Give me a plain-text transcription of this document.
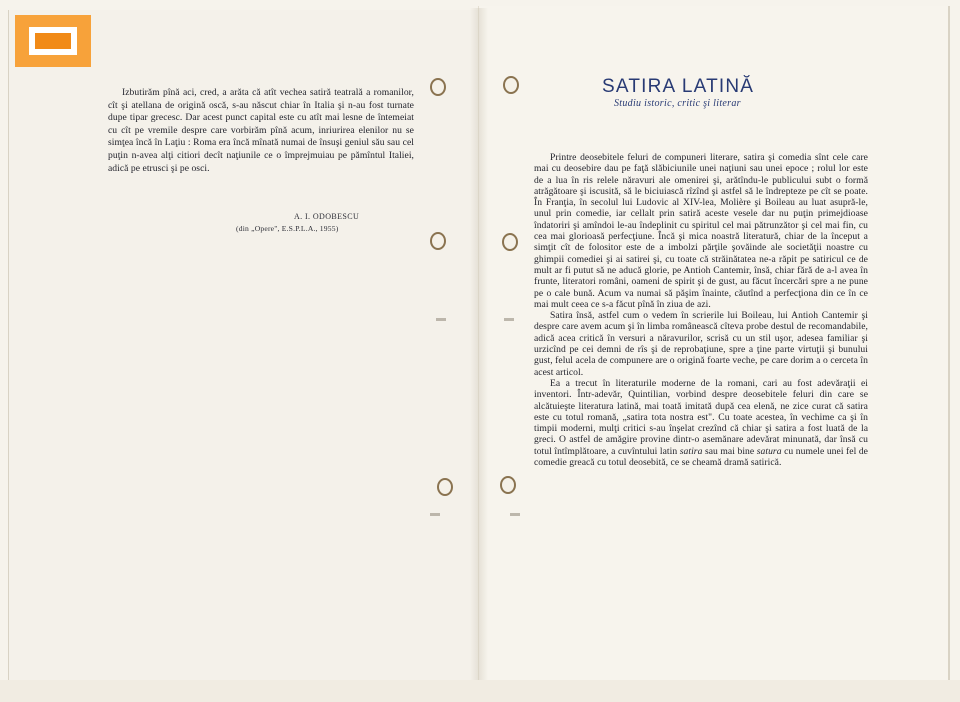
Izbutirăm pînă aci, cred, a arăta că atît vechea satiră teatrală a romanilor, cît şi atellana de origină oscă, s-au născut chiar în Italia şi n-au fost turnate dupe tipar grecesc. Dar acest punct capital este cu atît mai lesne de întemeiat cu cît pe vremile despre care vorbirăm pînă acum, inriurirea elenilor nu se simţea încă în Laţiu : Roma era încă mînată numai de însuşi geniul său sau cel puţin n-avea alţi citiori decît naţiunile ce o împrejmuiau pe pămîntul Italiei, adică pe etrusci şi pe osci.
A. I. ODOBESCU
(din „Opere", E.S.P.L.A., 1955)
SATIRA LATINĂ
Studiu istoric, critic şi literar

Printre deosebitele feluri de compuneri literare, satira şi comedia sînt cele care mai cu deosebire dau pe faţă slăbiciunile unei naţiuni sau unei epoce ; rolul lor este de a lua în ris relele năravuri ale omenirei şi, arătîndu-le publicului subt o formă atrăgătoare şi iscusită, să le biciuiască rîzînd şi astfel să le îndrepteze pe cît se poate. În Franţia, în secolul lui Ludovic al XIV-lea, Molière şi Boileau au luat asupră-le, unul prin comedie, iar cellalt prin satiră aceste vesele dar nu puţin primejdioase îndatoriri şi amîndoi le-au îndeplinit cu spiritul cel mai pătrunzător şi cel mai fin, cu cea mai glorioasă perfecţiune. Încă şi mica noastră literatură, chiar de la început a simţit cît de folositor este de a imbolzi părţile şovăinde ale societăţii noastre cu ghimpii comediei şi ai satirei şi, cu toate că străinătatea ne-a răpit pe satiricul ce de mult ar fi putut să ne aducă glorie, pe Antioh Cantemir, însă, chiar fără de a-l avea în frunte, literatori români, oameni de spirit şi de gust, au făcut încercări spre a ne pune pe o cale bună. Acum va numai să păşim înainte, căutînd a perfecţiona din ce în ce mai mult ceea ce s-a făcut pînă în ziua de azi.

Satira însă, astfel cum o vedem în scrierile lui Boileau, lui Antioh Cantemir şi despre care avem acum şi în limba românească cîteva probe destul de recomandabile, adică acea critică în versuri a năravurilor, scrisă cu un stil uşor, adesea familiar şi urzicînd pe cei demni de rîs şi de reprobaţiune, spre a ţine parte virtuţii şi bunului gust, felul acela de compunere are o origină foarte veche, pe care dorim a o cerceta în acest articol.

Ea a trecut în literaturile moderne de la romani, cari au fost adevăraţii ei inventori. Într-adevăr, Quintilian, vorbind despre deosebitele feluri din care se alcătuieşte literatura latină, mai toată imitată după cea elenă, ne zice curat că satira este cu totul romană, „satira tota nostra est". Cu toate acestea, în vechime ca şi în timpii moderni, mulţi critici s-au înşelat crezînd că chiar şi satira a fost luată de la greci. O astfel de amăgire provine dintr-o asemănare adevărat minunată, dar însă cu totul întîmplătoare, a cuvîntului latin satira sau mai bine satura cu numele unei fel de comedie greacă cu totul deosebită, ce se cheamă dramă satirică.
